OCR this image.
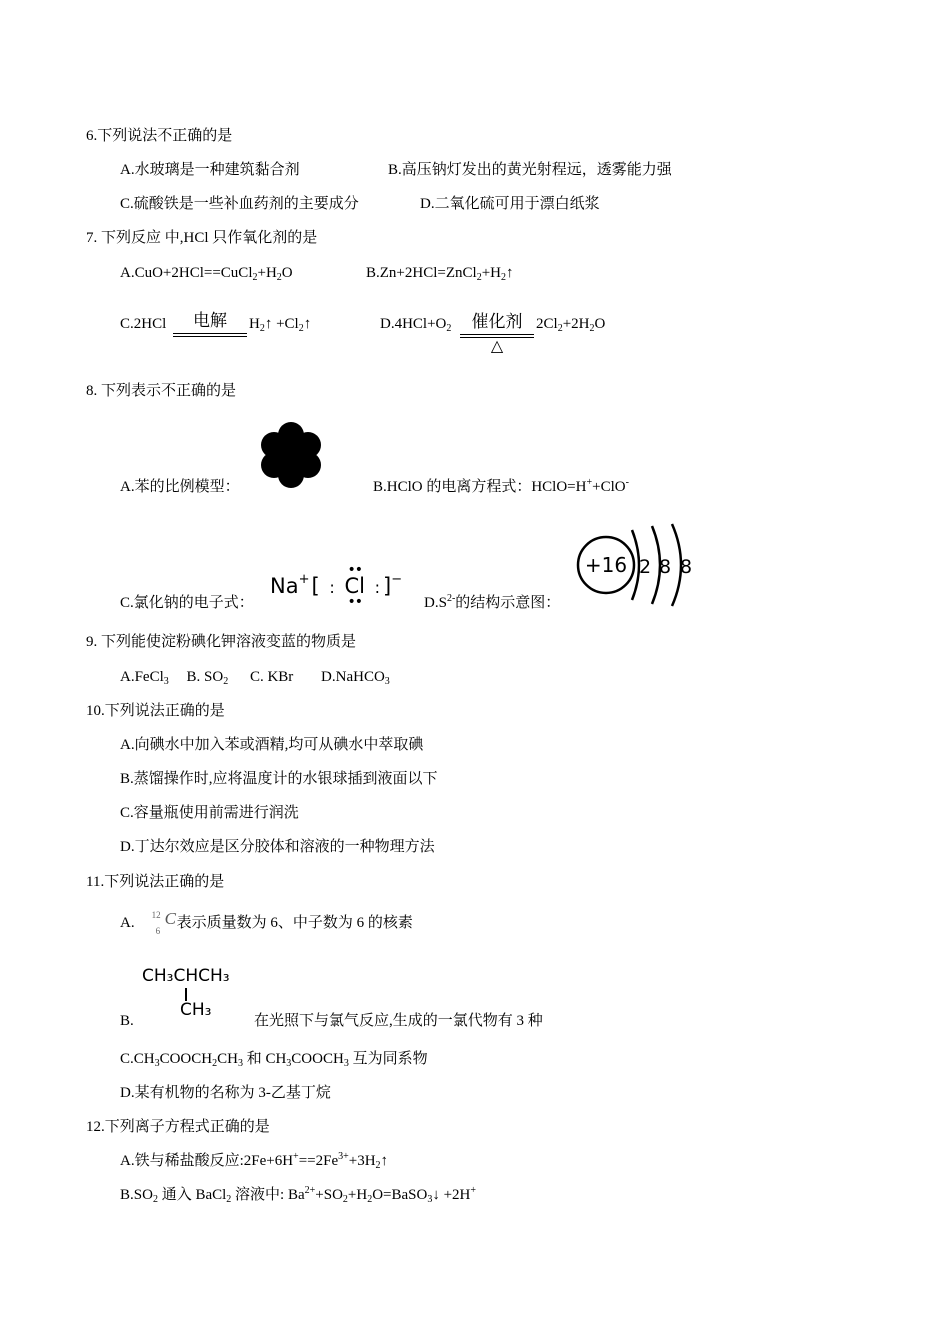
6.下列说法不正确的是
A.水玻璃是一种建筑黏合剂	B.高压钠灯发出的黄光射程远，透雾能力强
C.硫酸铁是一些补血药剂的主要成分	D.二氧化硫可用于漂白纸浆
7. 下列反应 中,HCl 只作氧化剂的是
$A.CuO+2HCl==CuCl_2+H_2O$	$B.Zn+2HCl=ZnCl_2+H_2↑$
C.2HCl	电解	$H_2↑$ $+Cl_2↑$	$D.4HCl+O_2$	催化剂
△
$2Cl_2+2H_2O$
8. 下列表示不正确的是
A.苯的比例模型：	B.HClO 的电离方程式：HClO=H++ClO-
C.氯化钠的电子式：
Na+[ :
••
Cl
••
: ]−
$D.S^{2-}$的结构示意图：
+16 2 8 8
9. 下列能使淀粉碘化钾溶液变蓝的物质是
A.FeCl$_3$ B. $SO_2$ C. KBr D.NaHCO$_3$
10.下列说法正确的是
A.向碘水中加入苯或酒精,均可从碘水中萃取碘
B.蒸馏操作时,应将温度计的水银球插到液面以下
C.容量瓶使用前需进行润洗
D.丁达尔效应是区分胶体和溶液的一种物理方法
11.下列说法正确的是
A. 12
6
C 表示质量数为 6、中子数为 6 的核素
B.
CH₃CHCH₃
CH₃
在光照下与氯气反应,生成的一氯代物有 3 种
$C.CH_3COOCH_2CH_3$ 和 $CH_3COOCH_3$ 互为同系物
D.某有机物的名称为 3-乙基丁烷
12.下列离子方程式正确的是
A.铁与稀盐酸反应$:2Fe+6H^+==2Fe^{3+}+3H_2↑$
$B.SO_2$ 通入 BaCl$_2$ 溶液中: $Ba^{2+}+SO_2+H_2O=BaSO_3↓ +2H^+$
